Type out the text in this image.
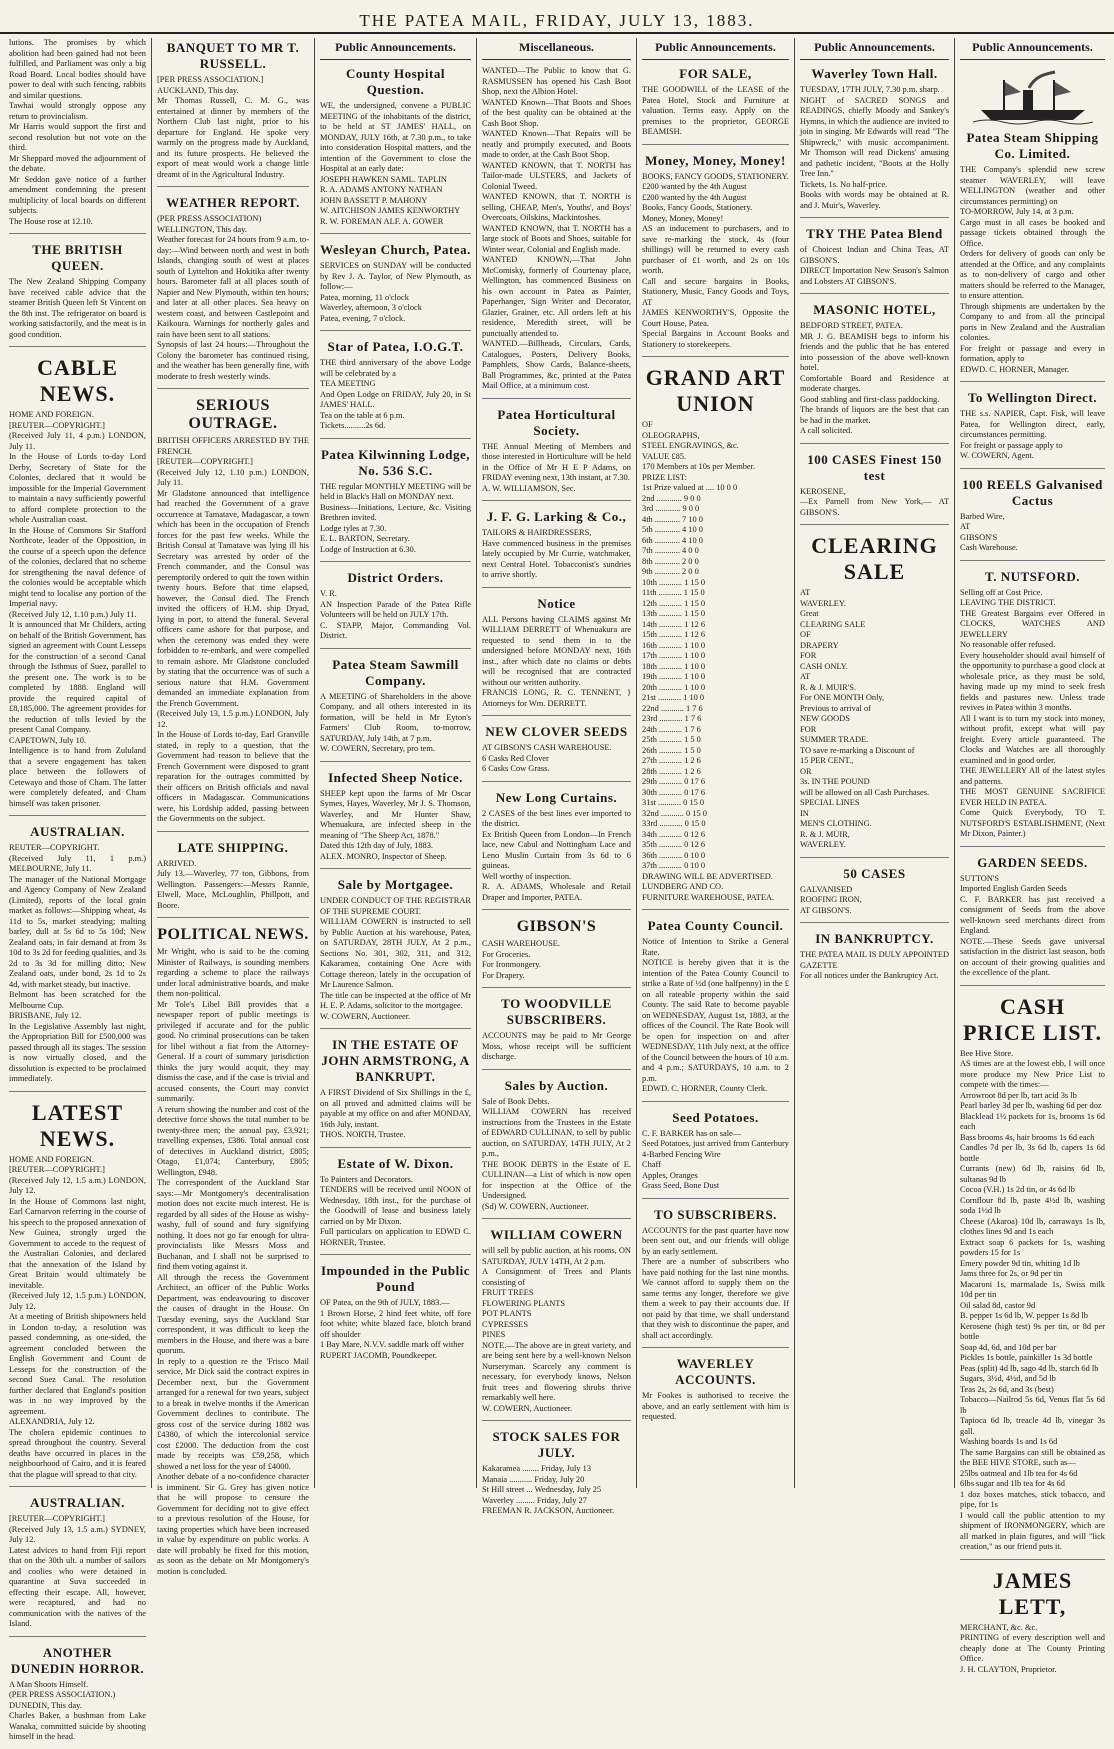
THE PATEA MAIL, FRIDAY, JULY 13, 1883.
lutions. The promises by which abolition had been gained had not been fulfilled, and Parliament was only a big Road Board. Local bodies should have power to deal with such fencing, rabbits and similar questions.
Tawhai would strongly oppose any return to provincialism.
Mr Harris would support the first and second resolution but not vote on the third.
Mr Sheppard moved the adjournment of the debate.
Mr Seddon gave notice of a further amendment condemning the present multiplicity of local boards on different subjects.
The House rose at 12.10.
THE BRITISH QUEEN.
The New Zealand Shipping Company have received cable advice that the steamer British Queen left St Vincent on the 8th inst. The refrigerator on board is working satisfactorily, and the meat is in good condition.
CABLE NEWS.
HOME AND FOREIGN.
[REUTER—COPYRIGHT.]
(Received July 11, 4 p.m.) LONDON, July 11.
In the House of Lords to-day Lord Derby, Secretary of State for the Colonies, declared that it would be impossible for the Imperial Government to maintain a navy sufficiently powerful to afford complete protection to the whole Australian coast.
In the House of Commons Sir Stafford Northcote, leader of the Opposition, in the course of a speech upon the defence of the colonies, declared that no scheme for strengthening the naval defence of the colonies would be acceptable which might tend to localise any portion of the Imperial navy.
(Received July 12, 1.10 p.m.) July 11.
It is announced that Mr Childers, acting on behalf of the British Government, has signed an agreement with Count Lesseps for the construction of a second Canal through the Isthmus of Suez, parallel to the present one. The work is to be completed by 1888. England will provide the required capital of £8,185,000. The agreement provides for the reduction of tolls levied by the present Canal Company.
CAPETOWN, July 10.
Intelligence is to hand from Zululand that a severe engagement has taken place between the followers of Cetewayo and those of Cham. The latter were completely defeated, and Cham himself was taken prisoner.
AUSTRALIAN.
REUTER—COPYRIGHT.
(Received July 11, 1 p.m.) MELBOURNE, July 11.
The manager of the National Mortgage and Agency Company of New Zealand (Limited), reports of the local grain market as follows:—Shipping wheat, 4s 11d to 5s, market steadying; malting barley, dull at 5s 6d to 5s 10d; New Zealand oats, in fair demand at from 3s 10d to 3s 2d for feeding qualities, and 3s 2d to 3s 3d for milling ditto; New Zealand oats, under bond, 2s 1d to 2s 4d, with market steady, but inactive.
Belmont has been scratched for the Melbourne Cup.
BRISBANE, July 12.
In the Legislative Assembly last night, the Appropriation Bill for £500,000 was passed through all its stages. The session is now virtually closed, and the dissolution is expected to be proclaimed immediately.
LATEST NEWS.
HOME AND FOREIGN.
[REUTER—COPYRIGHT.]
(Received July 12, 1.5 a.m.) LONDON, July 12.
In the House of Commons last night, Earl Carnarvon referring in the course of his speech to the proposed annexation of New Guinea, strongly urged the Government to accede to the request of the Australian Colonies, and declared that the annexation of the Island by Great Britain would ultimately be inevitable.
(Received July 12, 1.5 p.m.) LONDON, July 12.
At a meeting of British shipowners held in London to-day, a resolution was passed condemning, as one-sided, the agreement concluded between the English Government and Count de Lesseps for the construction of the second Suez Canal. The resolution further declared that England's position was in no way improved by the agreement.
ALEXANDRIA, July 12.
The cholera epidemic continues to spread throughout the country. Several deaths have occurred in places in the neighbourhood of Cairo, and it is feared that the plague will spread to that city.
AUSTRALIAN.
[REUTER—COPYRIGHT.]
(Received July 13, 1.5 a.m.) SYDNEY, July 12.
Latest advices to hand from Fiji report that on the 30th ult. a number of sailors and coolies who were detained in quarantine at Suva succeeded in effecting their escape. All, however, were recaptured, and had no communication with the natives of the Island.
ANOTHER DUNEDIN HORROR.
A Man Shoots Himself.
(PER PRESS ASSOCIATION.)
DUNEDIN, This day.
Charles Baker, a bushman from Lake Wanaka, committed suicide by shooting himself in the head.
BANQUET TO MR T. RUSSELL.
[PER PRESS ASSOCIATION.]
AUCKLAND, This day.
Mr Thomas Russell, C. M. G., was entertained at dinner by members of the Northern Club last night, prior to his departure for England. He spoke very warmly on the progress made by Auckland, and its future prospects. He believed the export of meat would work a change little dreamt of in the Agricultural Industry.
WEATHER REPORT.
(PER PRESS ASSOCIATION)
WELLINGTON, This day.
Weather forecast for 24 hours from 9 a.m. to-day:—Wind between north and west in both Islands, changing south of west at places south of Lyttelton and Hokitika after twenty hours. Barometer fall at all places south of Napier and New Plymouth, within ten hours; and later at all other places. Sea heavy on western coast, and between Castlepoint and Kaikoura. Warnings for northerly gales and rain have been sent to all stations.
Synopsis of last 24 hours:—Throughout the Colony the barometer has continued rising, and the weather has been generally fine, with moderate to fresh westerly winds.
SERIOUS OUTRAGE.
BRITISH OFFICERS ARRESTED BY THE FRENCH.
[REUTER—COPYRIGHT.]
(Received July 12, 1.10 p.m.) LONDON, July 11.
Mr Gladstone announced that intelligence had reached the Government of a grave occurrence at Tamatave, Madagascar, a town which has been in the occupation of French forces for the past few weeks. While the British Consul at Tamatave was lying ill his Secretary was arrested by order of the French commander, and the Consul was peremptorily ordered to quit the town within twenty hours. Before that time elapsed, however, the Consul died. The French invited the officers of H.M. ship Dryad, lying in port, to attend the funeral. Several officers came ashore for that purpose, and when the ceremony was ended they were forbidden to re-embark, and were compelled to remain ashore. Mr Gladstone concluded by stating that the occurrence was of such a serious nature that H.M. Government demanded an immediate explanation from the French Government.
(Received July 13, 1.5 p.m.) LONDON, July 12.
In the House of Lords to-day, Earl Granville stated, in reply to a question, that the Government had reason to believe that the French Government were disposed to grant reparation for the outrages committed by their officers on British officials and naval officers in Madagascar. Communications were, his Lordship added, passing between the Governments on the subject.
LATE SHIPPING.
ARRIVED.
July 13.—Waverley, 77 ton, Gibbons, from Wellington. Passengers:—Messrs Rannie, Elwell, Mace, McLoughlin, Phillpott, and Boore.
POLITICAL NEWS.
Mr Wright, who is said to be the coming Minister of Railways, is sounding members regarding a scheme to place the railways under local administrative boards, and make them non-political.
Mr Tole's Libel Bill provides that a newspaper report of public meetings is privileged if accurate and for the public good. No criminal prosecutions can be taken for libel without a fiat from the Attorney-General. If a court of summary jurisdiction thinks the jury would acquit, they may dismiss the case, and if the case is trivial and accused consents, the Court may convict summarily.
A return showing the number and cost of the detective force shows the total number to be twenty-three men; the annual pay, £3,921; travelling expenses, £386. Total annual cost of detectives in Auckland district, £805; Otago, £1,074; Canterbury, £805; Wellington, £948.
The correspondent of the Auckland Star says:—Mr Montgomery's decentralisation motion does not excite much interest. He is regarded by all sides of the House as wishy-washy, full of sound and fury signifying nothing. It does not go far enough for ultra-provincialists like Messrs Moss and Buchanan, and I shall not be surprised to find them voting against it.
All through the recess the Government Architect, an officer of the Public Works Department, was endeavouring to discover the causes of draught in the House. On Tuesday evening, says the Auckland Star correspondent, it was difficult to keep the members in the House, and there was a bare quorum.
In reply to a question re the 'Frisco Mail service, Mr Dick said the contract expires in December next, but the Government arranged for a renewal for two years, subject to a break in twelve months if the American Government declines to contribute. The gross cost of the service during 1882 was £4380, of which the intercolonial service cost £2000. The deduction from the cost made by receipts was £59,258, which showed a net loss for the year of £4000.
Another debate of a no-confidence character is imminent. Sir G. Grey has given notice that he will propose to censure the Government for deciding not to give effect to a previous resolution of the House, for taxing properties which have been increased in value by expenditure on public works. A date will probably be fixed for this motion, as soon as the debate on Mr Montgomery's motion is concluded.
Public Announcements.
County Hospital Question.
WE, the undersigned, convene a PUBLIC MEETING of the inhabitants of the district, to be held at ST JAMES' HALL, on MONDAY, JULY 16th, at 7.30 p.m., to take into consideration Hospital matters, and the intention of the Government to close the Hospital at an early date:
JOSEPH HAWKEN SAML. TAPLIN
R. A. ADAMS ANTONY NATHAN
JOHN BASSETT P. MAHONY
W. AITCHISON JAMES KENWORTHY
R. W. FOREMAN ALF. A. GOWER
Wesleyan Church, Patea.
SERVICES on SUNDAY will be conducted by Rev J. A. Taylor, of New Plymouth, as follow:—
Patea, morning, 11 o'clock
Waverley, afternoon, 3 o'clock
Patea, evening, 7 o'clock.
Star of Patea, I.O.G.T.
THE third anniversary of the above Lodge will be celebrated by a
TEA MEETING
And Open Lodge on FRIDAY, July 20, in St JAMES' HALL.
Tea on the table at 6 p.m.
Tickets..........2s 6d.
Patea Kilwinning Lodge, No. 536 S.C.
THE regular MONTHLY MEETING will be held in Black's Hall on MONDAY next.
Business—Initiations, Lecture, &c. Visiting Brethren invited.
Lodge tyles at 7.30.
E. L. BARTON, Secretary.
Lodge of Instruction at 6.30.
District Orders.
V. R.
AN Inspection Parade of the Patea Rifle Volunteers will be held on JULY 17th.
C. STAPP, Major, Commanding Vol. District.
Patea Steam Sawmill Company.
A MEETING of Shareholders in the above Company, and all others interested in its formation, will be held in Mr Eyton's Farmers' Club Room, to-morrow, SATURDAY, July 14th, at 7 p.m.
W. COWERN, Secretary, pro tem.
Infected Sheep Notice.
SHEEP kept upon the farms of Mr Oscar Symes, Hayes, Waverley, Mr J. S. Thomson, Waverley, and Mr Hunter Shaw, Whenuakura, are infected sheep in the meaning of "The Sheep Act, 1878."
Dated this 12th day of July, 1883.
ALEX. MONRO, Inspector of Sheep.
Sale by Mortgagee.
UNDER CONDUCT OF THE REGISTRAR OF THE SUPREME COURT.
WILLIAM COWERN is instructed to sell by Public Auction at his warehouse, Patea, on SATURDAY, 28TH JULY, At 2 p.m., Sections No. 301, 302, 311, and 312, Kakaramea, containing One Acre with Cottage thereon, lately in the occupation of Mr Laurence Salmon.
The title can be inspected at the office of Mr H. E. P. Adams, solicitor to the mortgagee.
W. COWERN, Auctioneer.
IN THE ESTATE OF JOHN ARMSTRONG, A BANKRUPT.
A FIRST Dividend of Six Shillings in the £, on all proved and admitted claims will be payable at my office on and after MONDAY, 16th July, instant.
THOS. NORTH, Trustee.
Estate of W. Dixon.
To Painters and Decorators.
TENDERS will be received until NOON of Wednesday, 18th inst., for the purchase of the Goodwill of lease and business lately carried on by Mr Dixon.
Full particulars on application to EDWD C. HORNER, Trustee.
Impounded in the Public Pound
OF Patea, on the 9th of JULY, 1883.—
1 Brown Horse, 2 hind feet white, off fore foot white; white blazed face, blotch brand off shoulder
1 Bay Mare, N.V.V. saddle mark off wither
RUPERT JACOMB, Poundkeeper.
Miscellaneous.
WANTED—The Public to know that G. RASMUSSEN has opened his Cash Boot Shop, next the Albion Hotel.
WANTED Known—That Boots and Shoes of the best quality can be obtained at the Cash Boot Shop.
WANTED Known—That Repairs will be neatly and promptly executed, and Boots made to order, at the Cash Boot Shop.
WANTED KNOWN, that T. NORTH has Tailor-made ULSTERS, and Jackets of Colonial Tweed.
WANTED KNOWN, that T. NORTH is selling, CHEAP, Men's, Youths', and Boys' Overcoats, Oilskins, Mackintoshes.
WANTED KNOWN, that T. NORTH has a large stock of Boots and Shoes, suitable for Winter wear, Colonial and English made.
WANTED KNOWN,—That John McComisky, formerly of Courtenay place, Wellington, has commenced Business on his own account in Patea as Painter, Paperhanger, Sign Writer and Decorator, Glazier, Grainer, etc. All orders left at his residence, Meredith street, will be punctually attended to.
WANTED.—Billheads, Circulars, Cards, Catalogues, Posters, Delivery Books, Pamphlets, Show Cards, Balance-sheets, Ball Programmes, &c, printed at the Patea Mail Office, at a minimum cost.
Patea Horticultural Society.
THE Annual Meeting of Members and those interested in Horticulture will be held in the Office of Mr H E P Adams, on FRIDAY evening next, 13th instant, at 7.30.
A. W. WILLIAMSON, Sec.
J. F. G. Larking & Co.,
TAILORS & HAIRDRESSERS,
Have commenced business in the premises lately occupied by Mr Currie, watchmaker, next Central Hotel. Tobacconist's sundries to arrive shortly.
Notice
ALL Persons having CLAIMS against Mr WILLIAM DERRETT of Whenuakura are requested to send them in to the undersigned before MONDAY next, 16th inst., after which date no claims or debts will be recognised that are contracted without our written authority.
FRANCIS LONG, R. C. TENNENT, } Attorneys for Wm. DERRETT.
NEW CLOVER SEEDS
AT GIBSON'S CASH WAREHOUSE.
6 Casks Red Clover
6 Casks Cow Grass.
New Long Curtains.
2 CASES of the best lines ever imported to the district.
Ex British Queen from London—In French lace, new Cabul and Nottingham Lace and Leno Muslin Curtain from 3s 6d to 6 guineas.
Well worthy of inspection.
R. A. ADAMS, Wholesale and Retail Draper and Importer, PATEA.
GIBSON'S
CASH WAREHOUSE.
For Groceries.
For Ironmongery.
For Drapery.
TO WOODVILLE SUBSCRIBERS.
ACCOUNTS may be paid to Mr George Moss, whose receipt will be sufficient discharge.
Sales by Auction.
Sale of Book Debts.
WILLIAM COWERN has received instructions from the Trustees in the Estate of EDWARD CULLINAN, to sell by public auction, on SATURDAY, 14TH JULY, At 2 p.m.,
THE BOOK DEBTS in the Estate of E. CULLINAN—a List of which is now open for inspection at the Office of the Undersigned.
(Sd) W. COWERN, Auctioneer.
WILLIAM COWERN
will sell by public auction, at his rooms, ON SATURDAY, JULY 14TH, At 2 p.m.
A Consignment of Trees and Plants consisting of
FRUIT TREES
FLOWERING PLANTS
POT PLANTS
CYPRESSES
PINES
NOTE.—The above are in great variety, and are being sent here by a well-known Nelson Nurseryman. Scarcely any comment is necessary, for everybody knows, Nelson fruit trees and flowering shrubs thrive remarkably well here.
W. COWERN, Auctioneer.
STOCK SALES FOR JULY.
Kakaramea ........ Friday, July 13
Manaia ........... Friday, July 20
St Hill street ... Wednesday, July 25
Waverley ......... Friday, July 27
FREEMAN R. JACKSON, Auctioneer.
Public Announcements.
FOR SALE,
THE GOODWILL of the LEASE of the Patea Hotel, Stock and Furniture at valuation. Terms easy. Apply on the premises to the proprietor, GEORGE BEAMISH.
Money, Money, Money!
BOOKS, FANCY GOODS, STATIONERY.
£200 wanted by the 4th August
£200 wanted by the 4th August
Books, Fancy Goods, Stationery.
Money, Money, Money!
AS an inducement to purchasers, and to save re-marking the stock, 4s (four shillings) will be returned to every cash purchaser of £1 worth, and 2s on 10s worth.
Call and secure bargains in Books, Stationery, Music, Fancy Goods and Toys, AT
JAMES KENWORTHY'S, Opposite the Court House, Patea.
Special Bargains in Account Books and Stationery to storekeepers.
GRAND ART UNION
OF
OLEOGRAPHS,
STEEL ENGRAVINGS, &c.
VALUE £85.
170 Members at 10s per Member.
PRIZE LIST:
1st Prize valued at .... 10 0 0
2nd ............ 9 0 0
3rd ............ 9 0 0
4th ............ 7 10 0
5th ............ 4 10 0
6th ............ 4 10 0
7th ............ 4 0 0
8th ............ 2 0 0
9th ............ 2 0 0
10th ........... 1 15 0
11th ........... 1 15 0
12th ........... 1 15 0
13th ........... 1 15 0
14th ........... 1 12 6
15th ........... 1 12 6
16th ........... 1 10 0
17th ........... 1 10 0
18th ........... 1 10 0
19th ........... 1 10 0
20th ........... 1 10 0
21st ........... 1 10 0
22nd ........... 1 7 6
23rd ........... 1 7 6
24th ........... 1 7 6
25th ........... 1 5 0
26th ........... 1 5 0
27th ........... 1 2 6
28th ........... 1 2 6
29th ........... 0 17 6
30th ........... 0 17 6
31st ........... 0 15 0
32nd ........... 0 15 0
33rd ........... 0 15 0
34th ........... 0 12 6
35th ........... 0 12 6
36th ........... 0 10 0
37th ........... 0 10 0
DRAWING WILL BE ADVERTISED.
LUNDBERG AND CO.
FURNITURE WAREHOUSE, PATEA.
Patea County Council.
Notice of Intention to Strike a General Rate.
NOTICE is hereby given that it is the intention of the Patea County Council to strike a Rate of ½d (one halfpenny) in the £ on all rateable property within the said County. The said Rate to become payable on WEDNESDAY, August 1st, 1883, at the offices of the Council. The Rate Book will be open for inspection on and after WEDNESDAY, 11th July next, at the office of the Council between the hours of 10 a.m. and 4 p.m.; SATURDAYS, 10 a.m. to 2 p.m.
EDWD. C. HORNER, County Clerk.
Seed Potatoes.
C. F. BARKER has on sale—
Seed Potatoes, just arrived from Canterbury
4-Barbed Fencing Wire
Chaff
Apples, Oranges
Grass Seed, Bone Dust
TO SUBSCRIBERS.
ACCOUNTS for the past quarter have now been sent out, and our friends will oblige by an early settlement.
There are a number of subscribers who have paid nothing for the last nine months. We cannot afford to supply them on the same terms any longer, therefore we give them a week to pay their accounts due. If not paid by that time, we shall understand that they wish to discontinue the paper, and shall act accordingly.
WAVERLEY ACCOUNTS.
Mr Fookes is authorised to receive the above, and an early settlement with him is requested.
Public Announcements.
Waverley Town Hall.
TUESDAY, 17TH JULY, 7.30 p.m. sharp.
NIGHT of SACRED SONGS and READINGS, chiefly Moody and Sankey's Hymns, in which the audience are invited to join in singing. Mr Edwards will read "The Shipwreck," with music accompaniment. Mr Thomson will read Dickens' amusing and pathetic incident, "Boots at the Holly Tree Inn."
Tickets, 1s. No half-price.
Books with words may be obtained at R. and J. Muir's, Waverley.
TRY THE Patea Blend
of Choicest Indian and China Teas, AT GIBSON'S.
DIRECT Importation New Season's Salmon and Lobsters AT GIBSON'S.
MASONIC HOTEL,
BEDFORD STREET, PATEA.
MR J. G. BEAMISH begs to inform his friends and the public that he has entered into possession of the above well-known hotel.
Comfortable Board and Residence at moderate charges.
Good stabling and first-class paddocking.
The brands of liquors are the best that can be had in the market.
A call solicited.
100 CASES Finest 150 test
KEROSENE,
—Ex Parnell from New York,— AT GIBSON'S.
CLEARING SALE
AT
WAVERLEY.
Great
CLEARING SALE
OF
DRAPERY
FOR
CASH ONLY.
AT
R. & J. MUIR'S.
For ONE MONTH Only,
Previous to arrival of
NEW GOODS
FOR
SUMMER TRADE.
TO save re-marking a Discount of
15 PER CENT.,
OR
3s. IN THE POUND
will be allowed on all Cash Purchases.
SPECIAL LINES
IN
MEN'S CLOTHING.
R. & J. MUIR,
WAVERLEY.
50 CASES
GALVANISED
ROOFING IRON,
AT GIBSON'S.
IN BANKRUPTCY.
THE PATEA MAIL IS DULY APPOINTED GAZETTE
For all notices under the Bankruptcy Act.
Public Announcements.
Patea Steam Shipping Co. Limited.
THE Company's splendid new screw steamer WAVERLEY, will leave WELLINGTON (weather and other circumstances permitting) on
TO-MORROW, July 14, at 3 p.m.
Cargo must in all cases be booked and passage tickets obtained through the Office.
Orders for delivery of goods can only be attended at the Office, and any complaints as to non-delivery of cargo and other matters should be referred to the Manager, to ensure attention.
Through shipments are undertaken by the Company to and from all the principal ports in New Zealand and the Australian colonies.
For freight or passage and every in formation, apply to
EDWD. C. HORNER, Manager.
To Wellington Direct.
THE s.s. NAPIER, Capt. Fisk, will leave Patea, for Wellington direct, early, circumstances permitting.
For freight or passage apply to
W. COWERN, Agent.
100 REELS Galvanised Cactus
Barbed Wire,
AT
GIBSON'S
Cash Warehouse.
T. NUTSFORD.
Selling off at Cost Price.
LEAVING THE DISTRICT.
THE Greatest Bargains ever Offered in CLOCKS, WATCHES AND JEWELLERY
No reasonable offer refused.
Every householder should avail himself of the opportunity to purchase a good clock at wholesale price, as they must be sold, having made up my mind to seek fresh fields and pastures new. Unless trade revives in Patea within 3 months.
All I want is to turn my stock into money, without profit, except what will pay freight. Every article guaranteed. The Clocks and Watches are all thoroughly examined and in good order.
THE JEWELLERY All of the latest styles and patterns.
THE MOST GENUINE SACRIFICE EVER HELD IN PATEA.
Come Quick Everybody, TO T. NUTSFORD'S ESTABLISHMENT, (Next Mr Dixon, Painter.)
GARDEN SEEDS.
SUTTON'S
Imported English Garden Seeds
C. F. BARKER has just received a consignment of Seeds from the above well-known seed merchants direct from England.
NOTE.—These Seeds gave universal satisfaction in the district last season, both on account of their growing qualities and the excellence of the plant.
CASH PRICE LIST.
Bee Hive Store.
AS times are at the lowest ebb, I will once more produce my New Price List to compete with the times:—
Arrowroot 8d per lb, tart acid 3s lb
Pearl barley 3d per lb, washing 6d per doz
Blacklead 1½ packets for 1s, brooms 1s 6d each
Bass brooms 4s, hair brooms 1s 6d each
Candles 7d per lb, 3s 6d lb, capers 1s 6d bottle
Currants (new) 6d lb, raisins 6d lb, sultanas 9d lb
Cocoa (V.H.) 1s 2d tin, or 4s 6d lb
Cornflour 8d lb, paste 4½d lb, washing soda 1½d lb
Cheese (Akaroa) 10d lb, carraways 1s lb, clothes lines 9d and 1s each
Extract soap 6 packets for 1s, washing powders 15 for 1s
Emery powder 9d tin, whiting 1d lb
Jams three for 2s, or 9d per tin
Macaroni 1s, marmalade 1s, Swiss milk 10d per tin
Oil salad 8d, castor 9d
B. pepper 1s 6d lb, W. pepper 1s 8d lb
Kerosene (high test) 9s per tin, or 8d per bottle
Soap 4d, 6d, and 10d per bar
Pickles 1s bottle, painkiller 1s 3d bottle
Peas (split) 4d lb, sago 4d lb, starch 6d lb
Sugars, 3½d, 4½d, and 5d lb
Teas 2s, 2s 6d, and 3s (best)
Tobacco—Nailrod 5s 6d, Venus flat 5s 6d lb
Tapioca 6d lb, treacle 4d lb, vinegar 3s gall.
Washing boards 1s and 1s 6d
The same Bargains can still be obtained as the BEE HIVE STORE, such as—
25lbs oatmeal and 1lb tea for 4s 6d
6lbs sugar and 1lb tea for 4s 6d
1 doz boxes matches, stick tobacco, and pipe, for 1s
I would call the public attention to my shipment of IRONMONGERY, which are all marked in plain figures, and will "lick creation," as our friend puts it.
JAMES LETT,
MERCHANT, &c. &c.
PRINTING of every description well and cheaply done at The County Printing Office.
J. H. CLAYTON, Proprietor.
